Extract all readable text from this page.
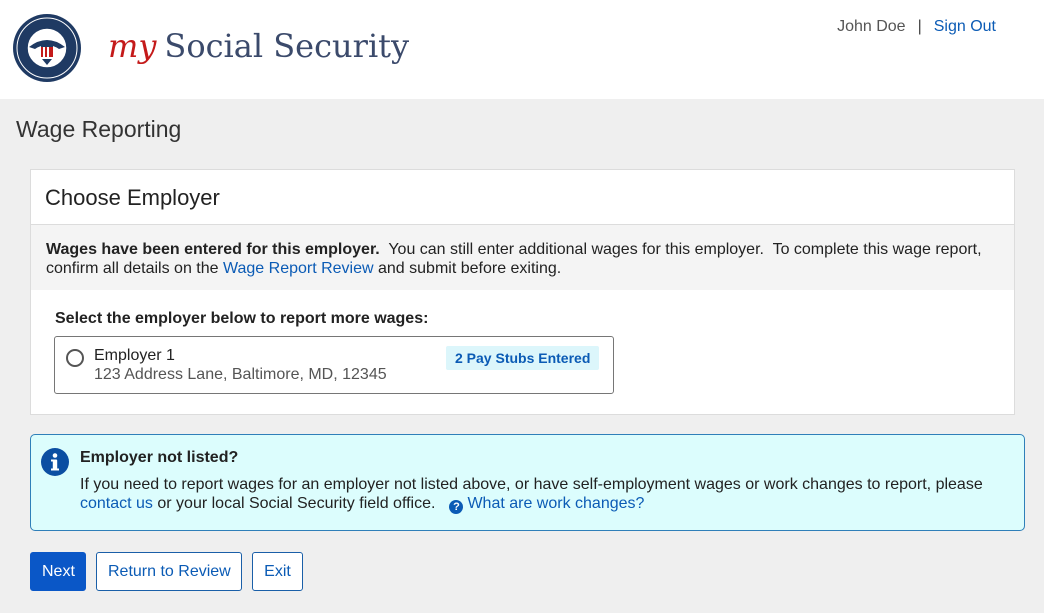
my Social Security
John Doe | Sign Out
Wage Reporting
Choose Employer
Wages have been entered for this employer.  You can still enter additional wages for this employer.  To complete this wage report, confirm all details on the Wage Report Review and submit before exiting.
Select the employer below to report more wages:
Employer 1
123 Address Lane, Baltimore, MD, 12345
2 Pay Stubs Entered
Employer not listed?
If you need to report wages for an employer not listed above, or have self-employment wages or work changes to report, please contact us or your local Social Security field office. ? What are work changes?
Next	Return to Review	Exit
